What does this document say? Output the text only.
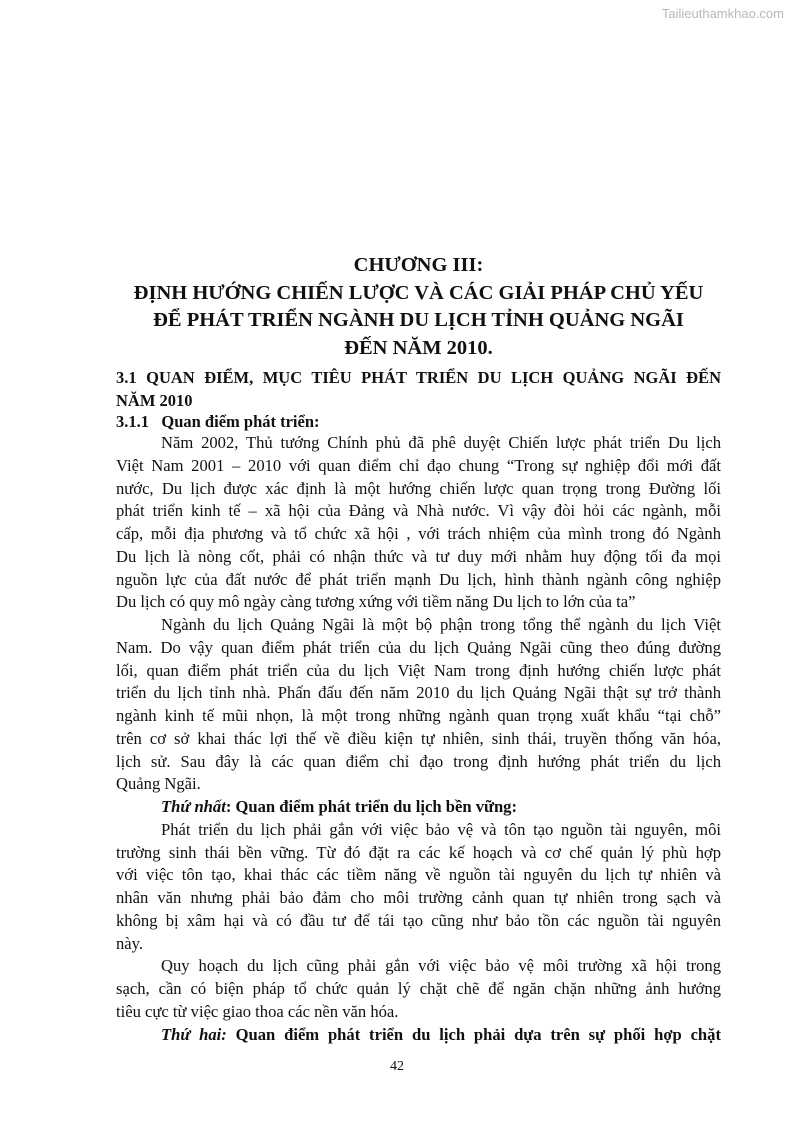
Tailieuthamkhao.com
CHƯƠNG III:
ĐỊNH HƯỚNG CHIẾN LƯỢC VÀ CÁC GIẢI PHÁP CHỦ YẾU
ĐỂ PHÁT TRIỂN NGÀNH DU LỊCH TỈNH QUẢNG NGÃI
ĐẾN NĂM 2010.
3.1 QUAN ĐIỂM, MỤC TIÊU PHÁT TRIỂN DU LỊCH QUẢNG NGÃI ĐẾN
NĂM 2010
3.1.1 Quan điểm phát triển:
Năm 2002, Thủ tướng Chính phủ đã phê duyệt Chiến lược phát triển Du lịch
Việt Nam 2001 – 2010 với quan điểm chỉ đạo chung “Trong sự nghiệp đổi mới đất
nước, Du lịch được xác định là một hướng chiến lược quan trọng trong Đường lối
phát triển kinh tế – xã hội của Đảng và Nhà nước. Vì vậy đòi hỏi các ngành, mỗi
cấp, mỗi địa phương và tổ chức xã hội , với trách nhiệm của mình trong đó Ngành
Du lịch là nòng cốt, phải có nhận thức và tư duy mới nhằm huy động tối đa mọi
nguồn lực của đất nước để phát triển mạnh Du lịch, hình thành ngành công nghiệp
Du lịch có quy mô ngày càng tương xứng với tiềm năng Du lịch to lớn của ta”
Ngành du lịch Quảng Ngãi là một bộ phận trong tổng thể ngành du lịch Việt
Nam. Do vậy quan điểm phát triển của du lịch Quảng Ngãi cũng theo đúng đường
lối, quan điểm phát triển của du lịch Việt Nam trong định hướng chiến lược phát
triển du lịch tỉnh nhà. Phấn đấu đến năm 2010 du lịch Quảng Ngãi thật sự trở thành
ngành kinh tế mũi nhọn, là một trong những ngành quan trọng xuất khẩu “tại chỗ”
trên cơ sở khai thác lợi thế về điều kiện tự nhiên, sinh thái, truyền thống văn hóa,
lịch sử. Sau đây là các quan điểm chỉ đạo trong định hướng phát triển du lịch
Quảng Ngãi.
Thứ nhất: Quan điểm phát triển du lịch bền vững:
Phát triển du lịch phải gắn với việc bảo vệ và tôn tạo nguồn tài nguyên, môi
trường sinh thái bền vững. Từ đó đặt ra các kế hoạch và cơ chế quản lý phù hợp
với việc tôn tạo, khai thác các tiềm năng về nguồn tài nguyên du lịch tự nhiên và
nhân văn nhưng phải bảo đảm cho môi trường cảnh quan tự nhiên trong sạch và
không bị xâm hại và có đầu tư để tái tạo cũng như bảo tồn các nguồn tài nguyên
này.
Quy hoạch du lịch cũng phải gắn với việc bảo vệ môi trường xã hội trong
sạch, cần có biện pháp tổ chức quản lý chặt chẽ để ngăn chặn những ảnh hưởng
tiêu cực từ việc giao thoa các nền văn hóa.
Thứ hai: Quan điểm phát triển du lịch phải dựa trên sự phối hợp chặt
42
